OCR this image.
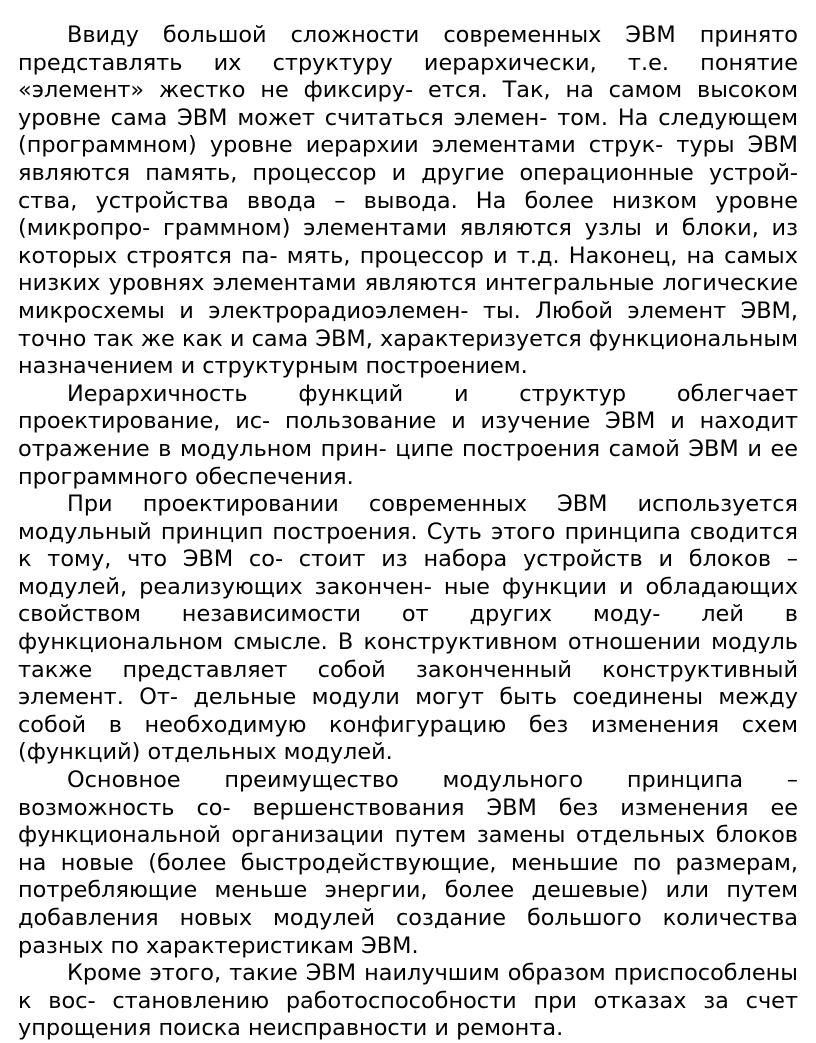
Ввиду большой сложности современных ЭВМ принято представлять их структуру иерархически, т.е. понятие «элемент» жестко не фиксиру- ется. Так, на самом высоком уровне сама ЭВМ может считаться элемен- том. На следующем (программном) уровне иерархии элементами струк- туры ЭВМ являются память, процессор и другие операционные устрой- ства, устройства ввода – вывода. На более низком уровне (микропро- граммном) элементами являются узлы и блоки, из которых строятся па- мять, процессор и т.д. Наконец, на самых низких уровнях элементами являются интегральные логические микросхемы и электрорадиоэлемен- ты. Любой элемент ЭВМ, точно так же как и сама ЭВМ, характеризуется функциональным назначением и структурным построением.

Иерархичность функций и структур облегчает проектирование, ис- пользование и изучение ЭВМ и находит отражение в модульном прин- ципе построения самой ЭВМ и ее программного обеспечения.

При проектировании современных ЭВМ используется модульный принцип построения. Суть этого принципа сводится к тому, что ЭВМ со- стоит из набора устройств и блоков – модулей, реализующих закончен- ные функции и обладающих свойством независимости от других моду- лей в функциональном смысле. В конструктивном отношении модуль также представляет собой законченный конструктивный элемент. От- дельные модули могут быть соединены между собой в необходимую конфигурацию без изменения схем (функций) отдельных модулей.

Основное преимущество модульного принципа – возможность со- вершенствования ЭВМ без изменения ее функциональной организации путем замены отдельных блоков на новые (более быстродействующие, меньшие по размерам, потребляющие меньше энергии, более дешевые) или путем добавления новых модулей создание большого количества разных по характеристикам ЭВМ.

Кроме этого, такие ЭВМ наилучшим образом приспособлены к вос- становлению работоспособности при отказах за счет упрощения поиска неисправности и ремонта.
